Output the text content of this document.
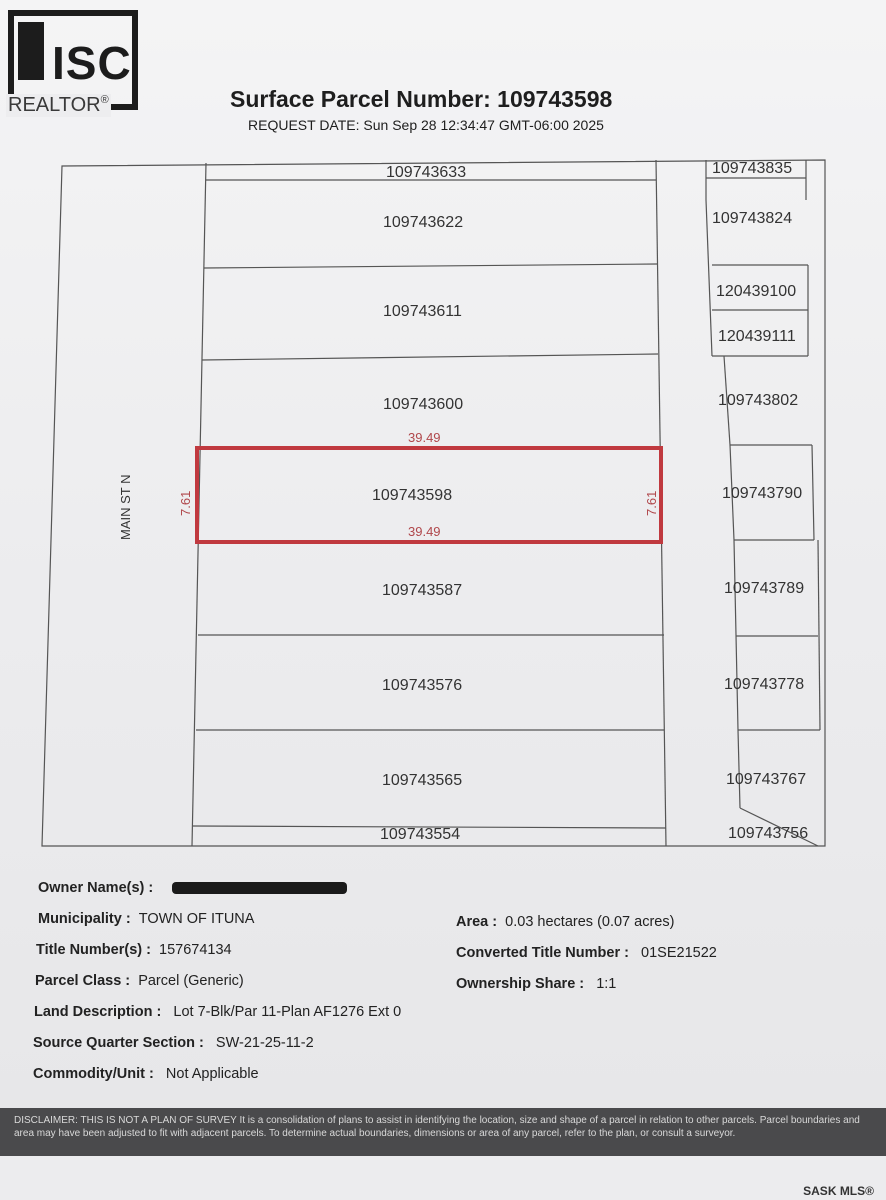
ISC
REALTOR®	Surface Parcel Number: 109743598
REQUEST DATE: Sun Sep 28 12:34:47 GMT-06:00 2025
MAIN ST N
39.49
39.49
7.61	7.61
109743633
109743622
109743611
109743600
109743598
109743587
109743576
109743565
109743554
109743835
109743824
120439100
120439111
109743802
109743790
109743789
109743778
109743767
109743756
Owner Name(s) :
Municipality : TOWN OF ITUNA
Title Number(s) : 157674134
Parcel Class : Parcel (Generic)
Land Description : Lot 7-Blk/Par 11-Plan AF1276 Ext 0
Source Quarter Section : SW-21-25-11-2
Commodity/Unit : Not Applicable
Area : 0.03 hectares (0.07 acres)
Converted Title Number : 01SE21522
Ownership Share : 1:1
DISCLAIMER: THIS IS NOT A PLAN OF SURVEY It is a consolidation of plans to assist in identifying the location, size and shape of a parcel in relation to other parcels. Parcel boundaries and area may have been adjusted to fit with adjacent parcels. To determine actual boundaries, dimensions or area of any parcel, refer to the plan, or consult a surveyor.
SASK MLS®
